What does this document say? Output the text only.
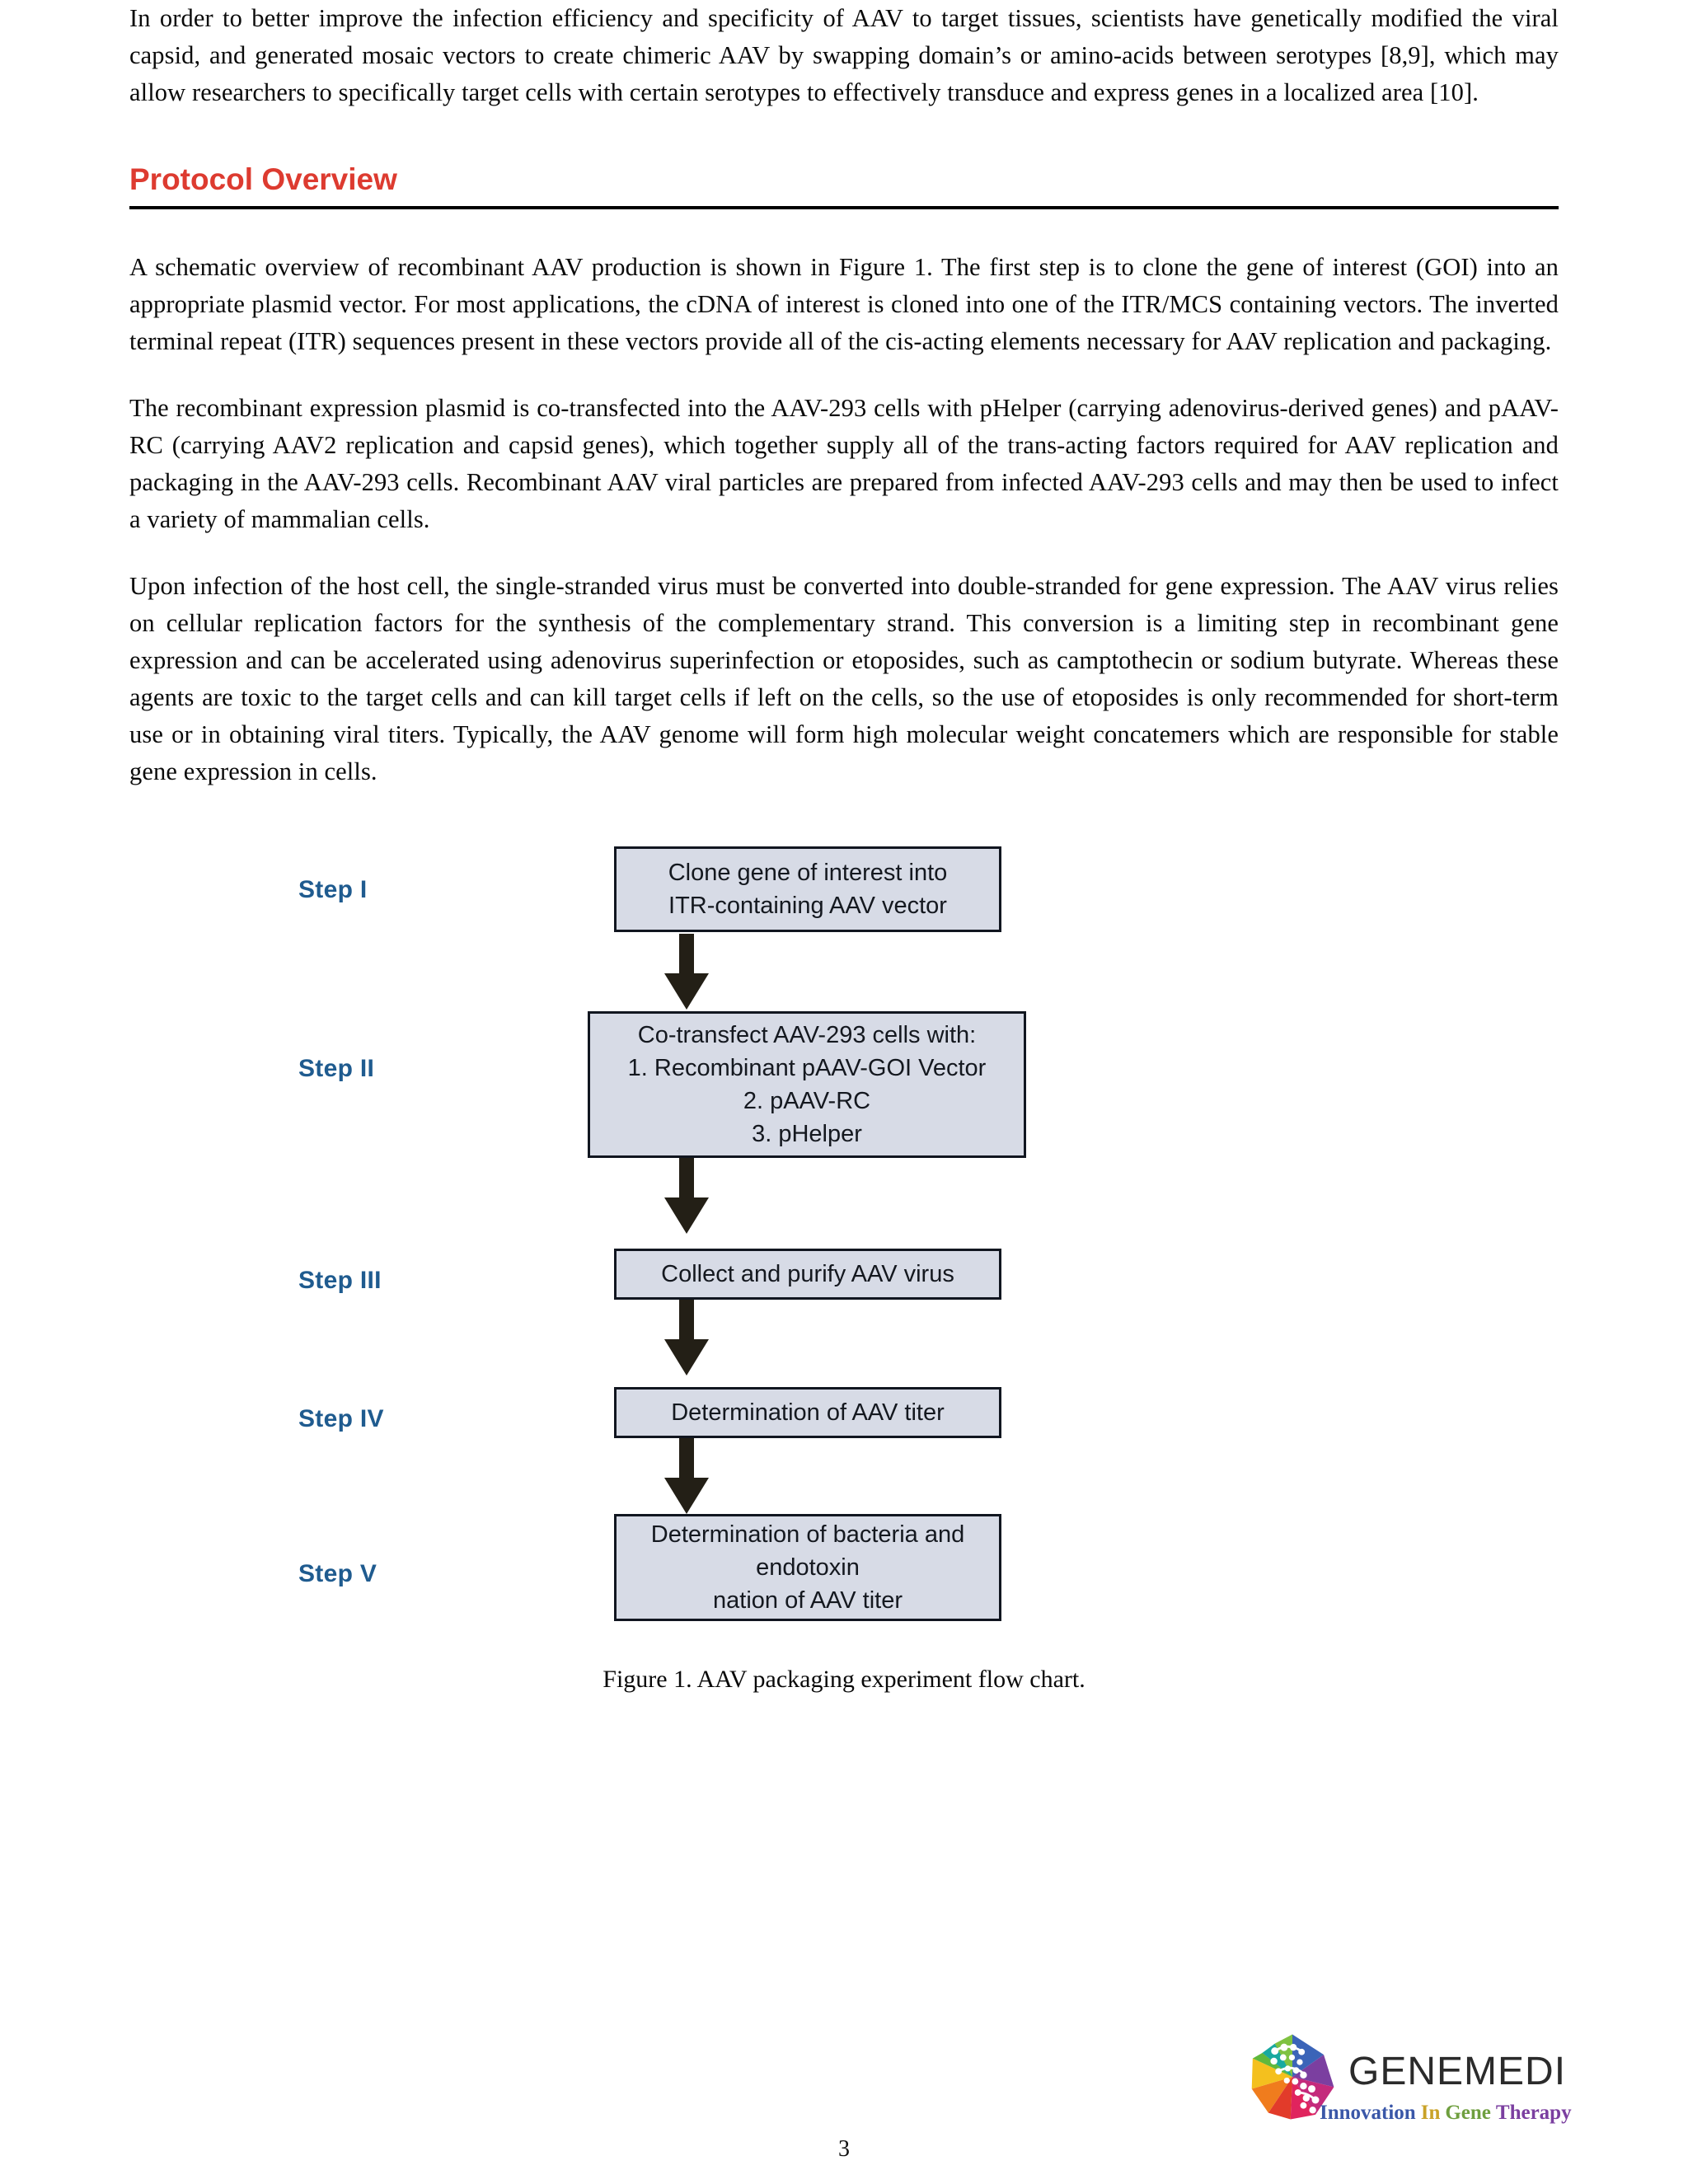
In order to better improve the infection efficiency and specificity of AAV to target tissues, scientists have genetically modified the viral capsid, and generated mosaic vectors to create chimeric AAV by swapping domain’s or amino-acids between serotypes [8,9], which may allow researchers to specifically target cells with certain serotypes to effectively transduce and express genes in a localized area [10].

Protocol Overview

A schematic overview of recombinant AAV production is shown in Figure 1. The first step is to clone the gene of interest (GOI) into an appropriate plasmid vector. For most applications, the cDNA of interest is cloned into one of the ITR/MCS containing vectors. The inverted terminal repeat (ITR) sequences present in these vectors provide all of the cis-acting elements necessary for AAV replication and packaging.

The recombinant expression plasmid is co-transfected into the AAV-293 cells with pHelper (carrying adenovirus-derived genes) and pAAV-RC (carrying AAV2 replication and capsid genes), which together supply all of the trans-acting factors required for AAV replication and packaging in the AAV-293 cells. Recombinant AAV viral particles are prepared from infected AAV-293 cells and may then be used to infect a variety of mammalian cells.

Upon infection of the host cell, the single-stranded virus must be converted into double-stranded for gene expression. The AAV virus relies on cellular replication factors for the synthesis of the complementary strand. This conversion is a limiting step in recombinant gene expression and can be accelerated using adenovirus superinfection or etoposides, such as camptothecin or sodium butyrate. Whereas these agents are toxic to the target cells and can kill target cells if left on the cells, so the use of etoposides is only recommended for short-term use or in obtaining viral titers. Typically, the AAV genome will form high molecular weight concatemers which are responsible for stable gene expression in cells.

Step I
Clone gene of interest into
ITR-containing AAV vector
Step II
Co-transfect AAV-293 cells with:
1. Recombinant pAAV-GOI Vector
2. pAAV-RC
3. pHelper
Step III	Collect and purify AAV virus
Step IV	Determination of AAV titer
Step V
Determination of bacteria and
endotoxin
nation of AAV titer
Figure 1. AAV packaging experiment flow chart.
GENEMEDI
Innovation In Gene Therapy
3
